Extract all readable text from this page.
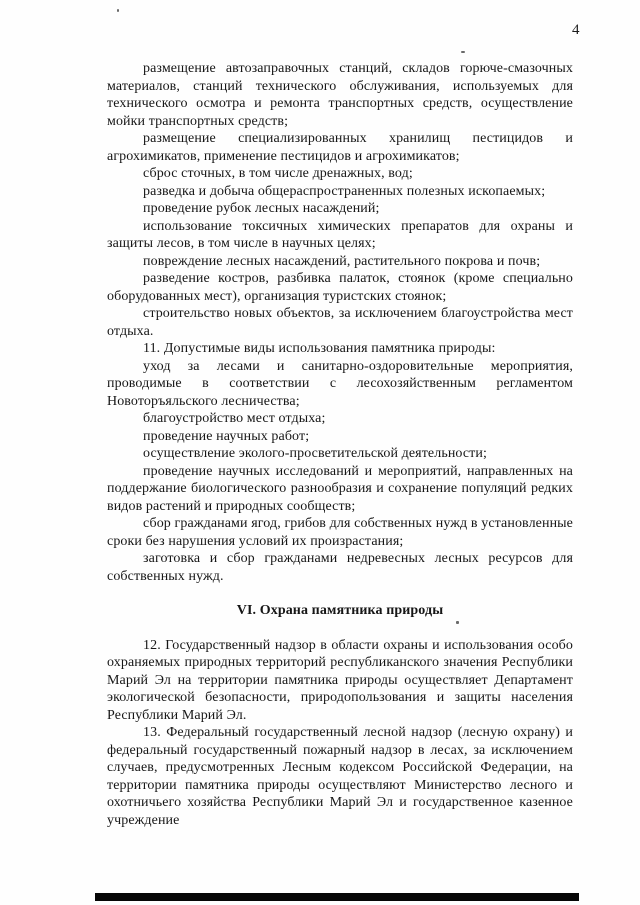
4

размещение автозаправочных станций, складов горюче-смазочных материалов, станций технического обслуживания, используемых для технического осмотра и ремонта транспортных средств, осуществление мойки транспортных средств;

размещение специализированных хранилищ пестицидов и агрохимикатов, применение пестицидов и агрохимикатов;

сброс сточных, в том числе дренажных, вод;

разведка и добыча общераспространенных полезных ископаемых;

проведение рубок лесных насаждений;

использование токсичных химических препаратов для охраны и защиты лесов, в том числе в научных целях;

повреждение лесных насаждений, растительного покрова и почв;

разведение костров, разбивка палаток, стоянок (кроме специально оборудованных мест), организация туристских стоянок;

строительство новых объектов, за исключением благоустройства мест отдыха.

11. Допустимые виды использования памятника природы:

уход за лесами и санитарно-оздоровительные мероприятия, проводимые в соответствии с лесохозяйственным регламентом Новоторъяльского лесничества;

благоустройство мест отдыха;

проведение научных работ;

осуществление эколого-просветительской деятельности;

проведение научных исследований и мероприятий, направленных на поддержание биологического разнообразия и сохранение популяций редких видов растений и природных сообществ;

сбор гражданами ягод, грибов для собственных нужд в установленные сроки без нарушения условий их произрастания;

заготовка и сбор гражданами недревесных лесных ресурсов для собственных нужд.

VI. Охрана памятника природы

12. Государственный надзор в области охраны и использования особо охраняемых природных территорий республиканского значения Республики Марий Эл на территории памятника природы осуществляет Департамент экологической безопасности, природопользования и защиты населения Республики Марий Эл.

13. Федеральный государственный лесной надзор (лесную охрану) и федеральный государственный пожарный надзор в лесах, за исключением случаев, предусмотренных Лесным кодексом Российской Федерации, на территории памятника природы осуществляют Министерство лесного и охотничьего хозяйства Республики Марий Эл и государственное казенное учреждение
